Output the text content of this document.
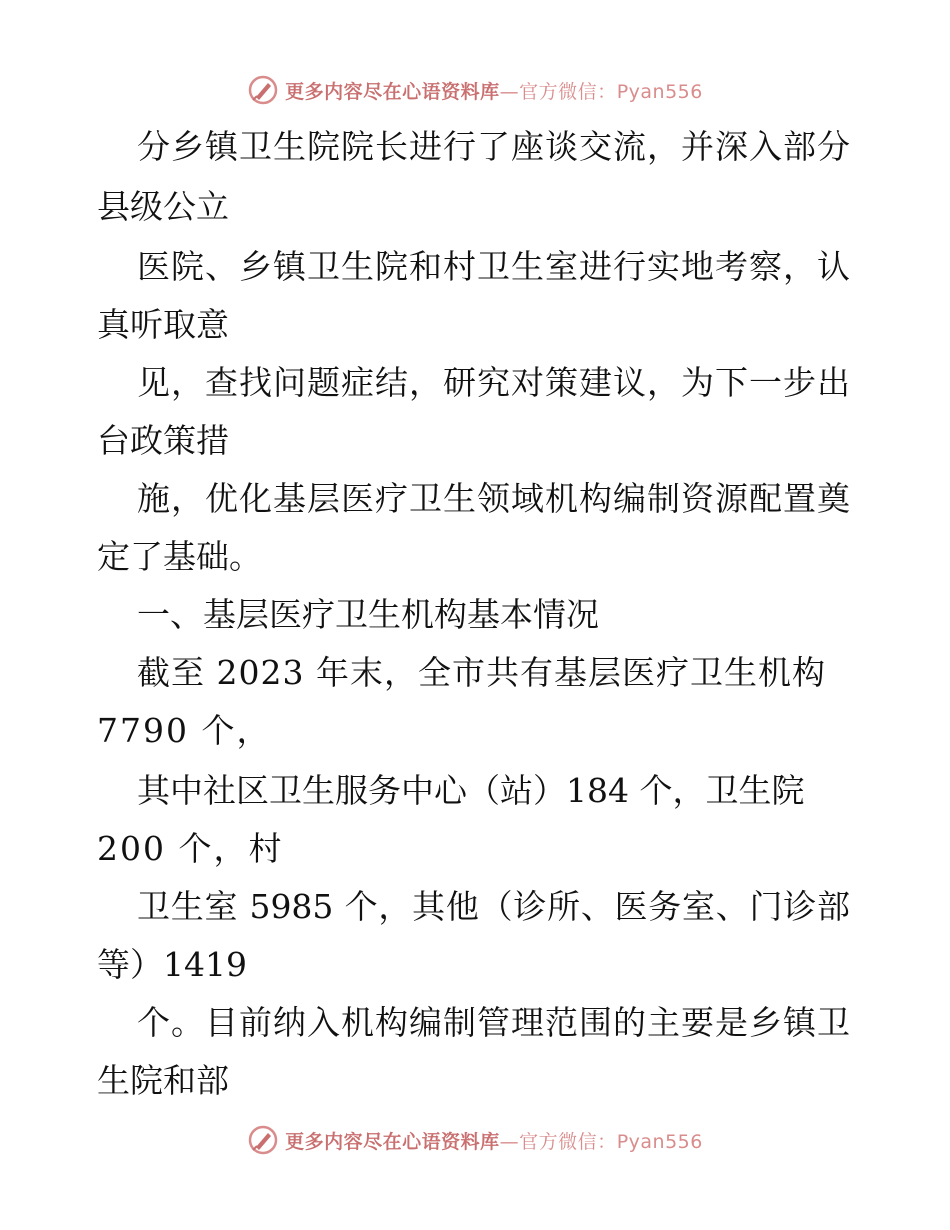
更多内容尽在心语资料库—官方微信：Pyan556
分乡镇卫生院院长进行了座谈交流，并深入部分
县级公立
医院、乡镇卫生院和村卫生室进行实地考察，认
真听取意
见，查找问题症结，研究对策建议，为下一步出
台政策措
施，优化基层医疗卫生领域机构编制资源配置奠
定了基础。
一、基层医疗卫生机构基本情况
截至 2023 年末，全市共有基层医疗卫生机构
7790 个，
其中社区卫生服务中心（站）184 个，卫生院
200 个，村
卫生室 5985 个，其他（诊所、医务室、门诊部
等）1419
个。目前纳入机构编制管理范围的主要是乡镇卫
生院和部
更多内容尽在心语资料库—官方微信：Pyan556
